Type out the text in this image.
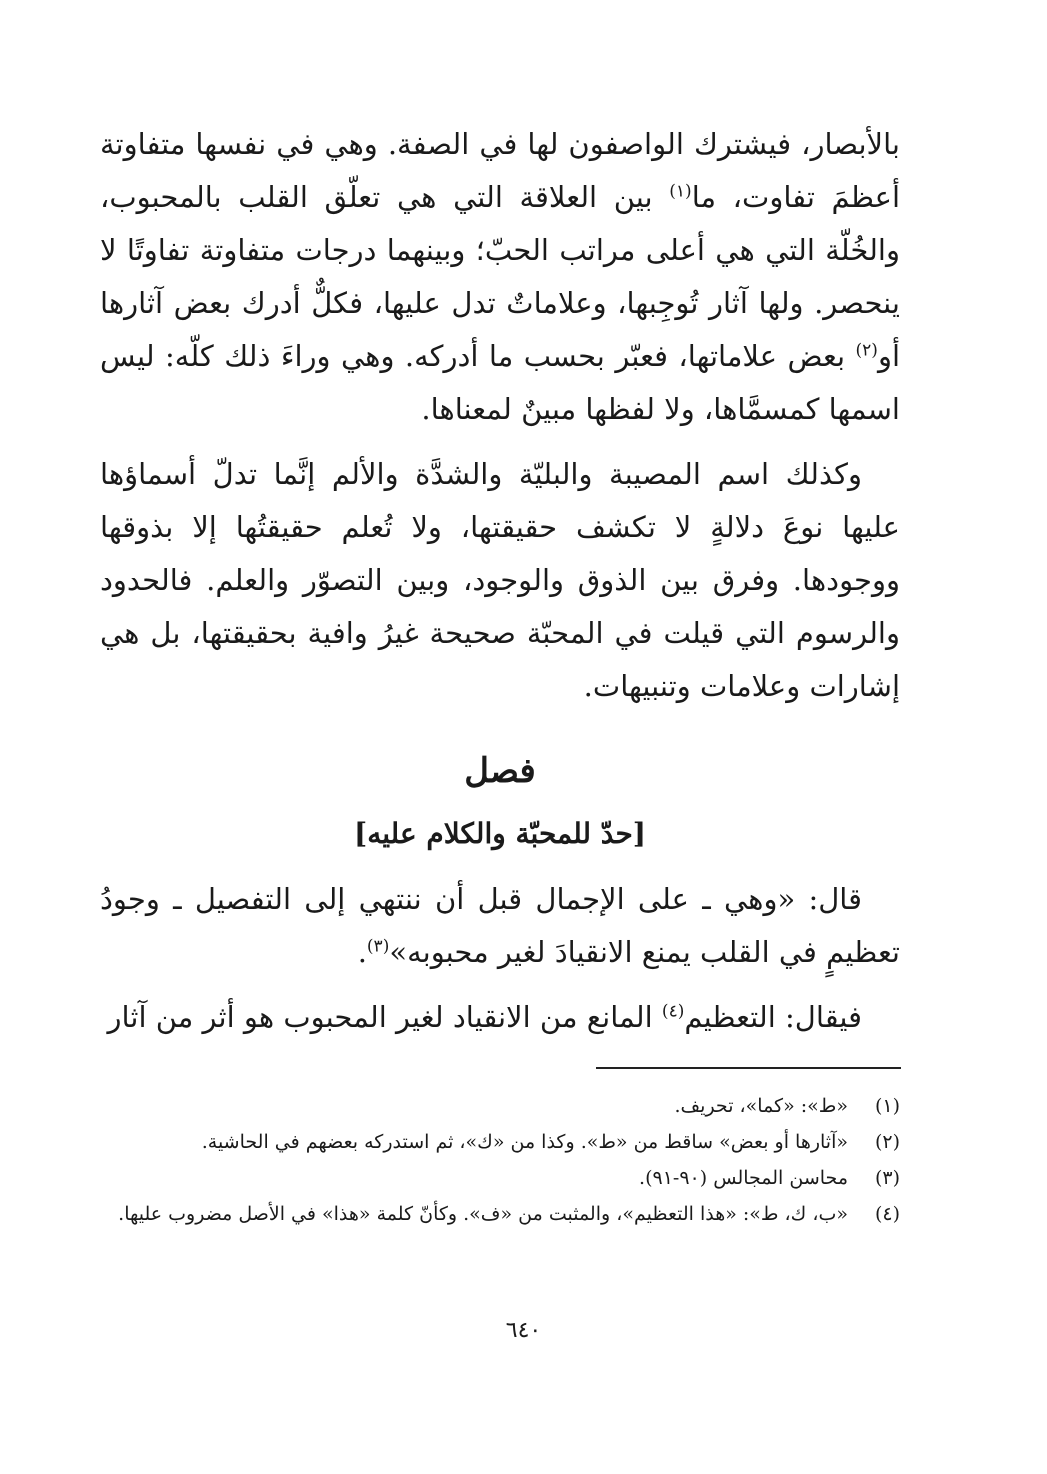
بالأبصار، فيشترك الواصفون لها في الصفة. وهي في نفسها متفاوتة أعظمَ تفاوت، ما$^{(١)}$ بين العلاقة التي هي تعلّق القلب بالمحبوب، والخُلّة التي هي أعلى مراتب الحبّ؛ وبينهما درجات متفاوتة تفاوتًا لا ينحصر. ولها آثار تُوجِبها، وعلاماتٌ تدل عليها، فكلٌّ أدرك بعض آثارها أو$^{(٢)}$ بعض علاماتها، فعبّر بحسب ما أدركه. وهي وراءَ ذلك كلّه: ليس اسمها كمسمَّاها، ولا لفظها مبينٌ لمعناها.

وكذلك اسم المصيبة والبليّة والشدَّة والألم إنَّما تدلّ أسماؤها عليها نوعَ دلالةٍ لا تكشف حقيقتها، ولا تُعلم حقيقتُها إلا بذوقها ووجودها. وفرق بين الذوق والوجود، وبين التصوّر والعلم. فالحدود والرسوم التي قيلت في المحبّة صحيحة غيرُ وافية بحقيقتها، بل هي إشارات وعلامات وتنبيهات.

فصل
[حدّ للمحبّة والكلام عليه]

قال: «وهي ـ على الإجمال قبل أن ننتهي إلى التفصيل ـ وجودُ تعظيمٍ في القلب يمنع الانقيادَ لغير محبوبه»$^{(٣)}$.

فيقال: التعظيم$^{(٤)}$ المانع من الانقياد لغير المحبوب هو أثر من آثار

(١)
«ط»: «كما»، تحريف.
(٢)
«آثارها أو بعض» ساقط من «ط». وكذا من «ك»، ثم استدركه بعضهم في الحاشية.
(٣)
محاسن المجالس (٩٠-٩١).
(٤)
«ب، ك، ط»: «هذا التعظيم»، والمثبت من «ف». وكأنّ كلمة «هذا» في الأصل مضروب عليها.
٦٤٠
